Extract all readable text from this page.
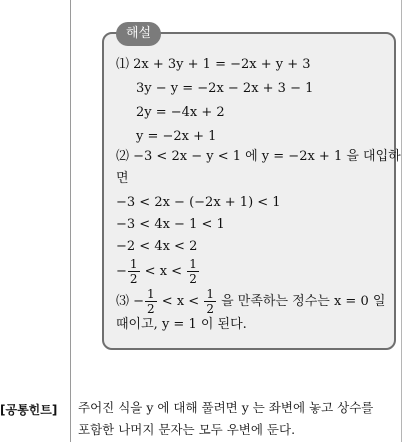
해설
⑴ 2x + 3y + 1 = −2x + y + 3
3y − y = −2x − 2x + 3 − 1
2y = −4x + 2
y = −2x + 1
⑵ −3 < 2x − y < 1 에 y = −2x + 1 을 대입하
면
−3 < 2x − (−2x + 1) < 1
−3 < 4x − 1 < 1
−2 < 4x < 2
− $\frac{1}{2} < x < \frac{1}{2}$
⑶ − $\frac{1}{2} < x < \frac{1}{2}$ 을 만족하는 정수는 x = 0 일
때이고, y = 1 이 된다.
[공통힌트] 주어진 식을 y 에 대해 풀려면 y 는 좌변에 놓고 상수를
포함한 나머지 문자는 모두 우변에 둔다.
